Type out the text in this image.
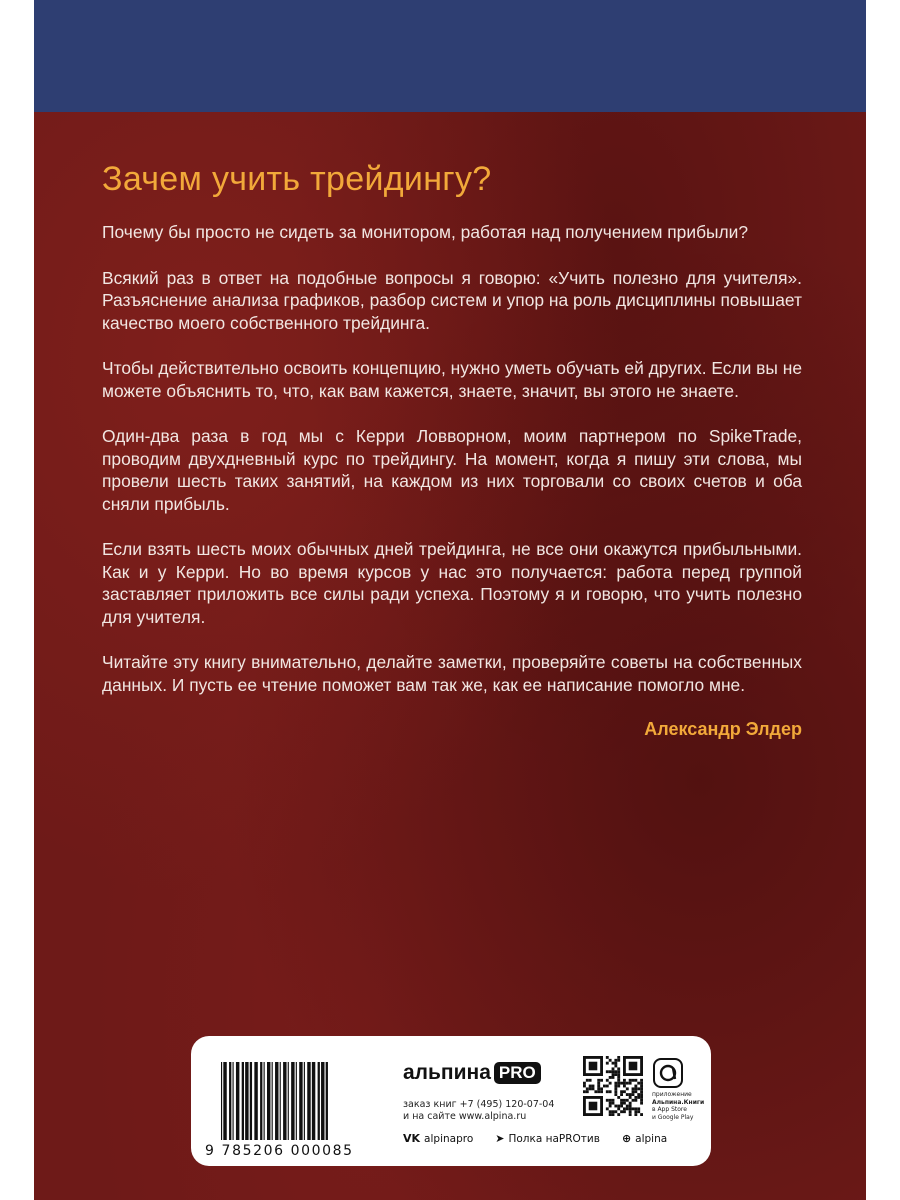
Зачем учить трейдингу?

Почему бы просто не сидеть за монитором, работая над получением прибыли?

Всякий раз в ответ на подобные вопросы я говорю: «Учить полезно для учителя». Разъяснение анализа графиков, разбор систем и упор на роль дисциплины повышает качество моего собственного трейдинга.

Чтобы действительно освоить концепцию, нужно уметь обучать ей других. Если вы не можете объяснить то, что, как вам кажется, знаете, значит, вы этого не знаете.

Один-два раза в год мы с Керри Ловворном, моим партнером по SpikeTrade, проводим двухдневный курс по трейдингу. На момент, когда я пишу эти слова, мы провели шесть таких занятий, на каждом из них торговали со своих счетов и оба сняли прибыль.

Если взять шесть моих обычных дней трейдинга, не все они окажутся прибыльными. Как и у Керри. Но во время курсов у нас это получается: работа перед группой заставляет приложить все силы ради успеха. Поэтому я и говорю, что учить полезно для учителя.

Читайте эту книгу внимательно, делайте заметки, проверяйте советы на собственных данных. И пусть ее чтение поможет вам так же, как ее написание помогло мне.

Александр Элдер

9 785206 000085
альпина PRO
заказ книг +7 (495) 120-07-04
и на сайте www.alpina.ru
приложение
Альпина.Книги
в App Store
и Google Play
VK alpinapro ➤ Полка наPROтив ⊕ alpina
